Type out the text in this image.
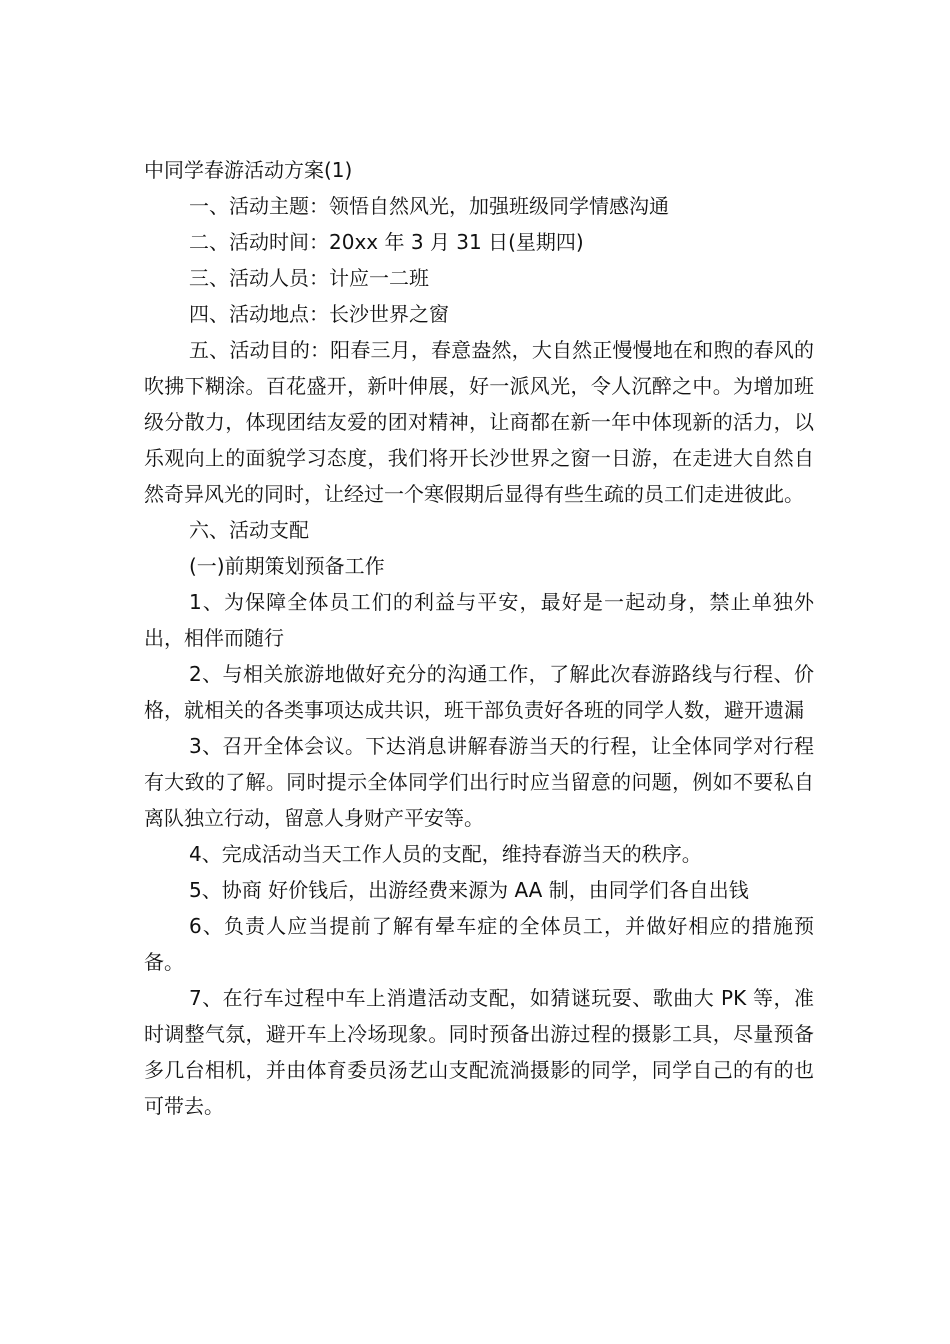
中同学春游活动方案(1)

一、活动主题：领悟自然风光，加强班级同学情感沟通

二、活动时间：20xx 年 3 月 31 日(星期四)

三、活动人员：计应一二班

四、活动地点：长沙世界之窗

五、活动目的：阳春三月，春意盎然，大自然正慢慢地在和煦的春风的吹拂下糊涂。百花盛开，新叶伸展，好一派风光，令人沉醉之中。为增加班级分散力，体现团结友爱的团对精神，让商都在新一年中体现新的活力，以乐观向上的面貌学习态度，我们将开长沙世界之窗一日游，在走进大自然自然奇异风光的同时，让经过一个寒假期后显得有些生疏的员工们走进彼此。

六、活动支配

(一)前期策划预备工作

1、为保障全体员工们的利益与平安，最好是一起动身，禁止单独外出，相伴而随行

2、与相关旅游地做好充分的沟通工作，了解此次春游路线与行程、价格，就相关的各类事项达成共识，班干部负责好各班的同学人数，避开遗漏

3、召开全体会议。下达消息讲解春游当天的行程，让全体同学对行程有大致的了解。同时提示全体同学们出行时应当留意的问题，例如不要私自离队独立行动，留意人身财产平安等。

4、完成活动当天工作人员的支配，维持春游当天的秩序。

5、协商 好价钱后，出游经费来源为 AA 制，由同学们各自出钱

6、负责人应当提前了解有晕车症的全体员工，并做好相应的措施预备。

7、在行车过程中车上消遣活动支配，如猜谜玩耍、歌曲大 PK 等，准时调整气氛，避开车上冷场现象。同时预备出游过程的摄影工具，尽量预备多几台相机，并由体育委员汤艺山支配流淌摄影的同学，同学自己的有的也可带去。
